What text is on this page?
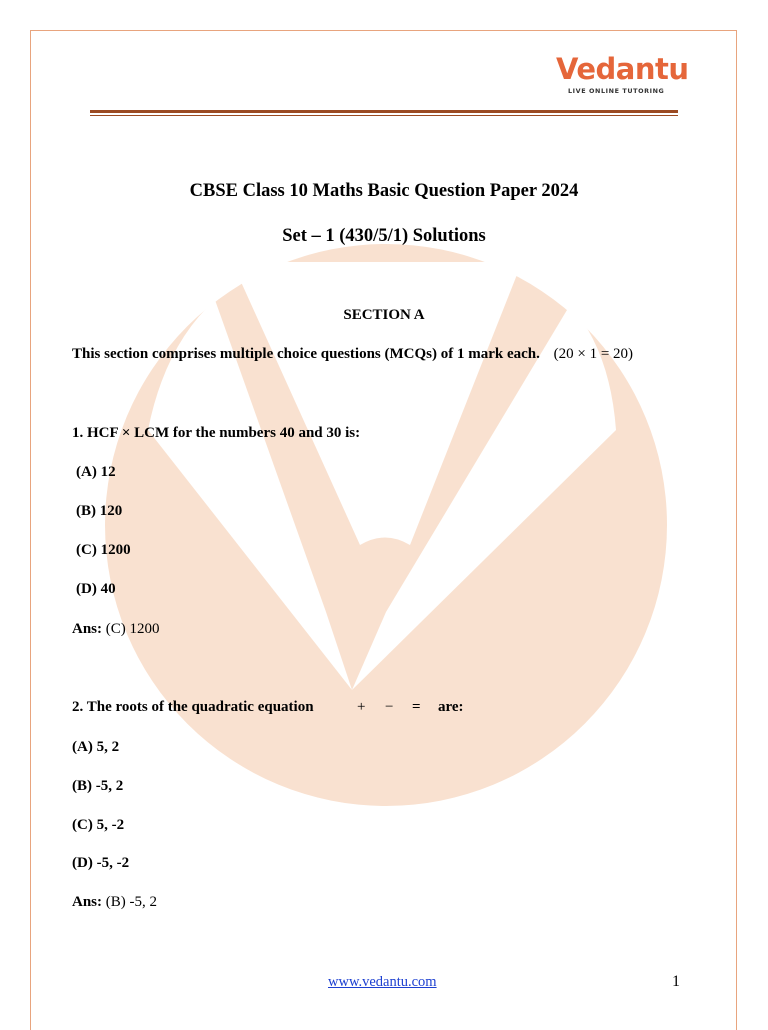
Vedantu
LIVE ONLINE TUTORING
CBSE Class 10 Maths Basic Question Paper 2024
Set – 1 (430/5/1) Solutions
SECTION A
This section comprises multiple choice questions (MCQs) of 1 mark each. (20 × 1 = 20)
1. HCF × LCM for the numbers 40 and 30 is:
(A) 12
(B) 120
(C) 1200
(D) 40
Ans: (C) 1200
2. The roots of the quadratic equation	+ − = are:
(A) 5, 2
(B) -5, 2
(C) 5, -2
(D) -5, -2
Ans: (B) -5, 2
www.vedantu.com	1
